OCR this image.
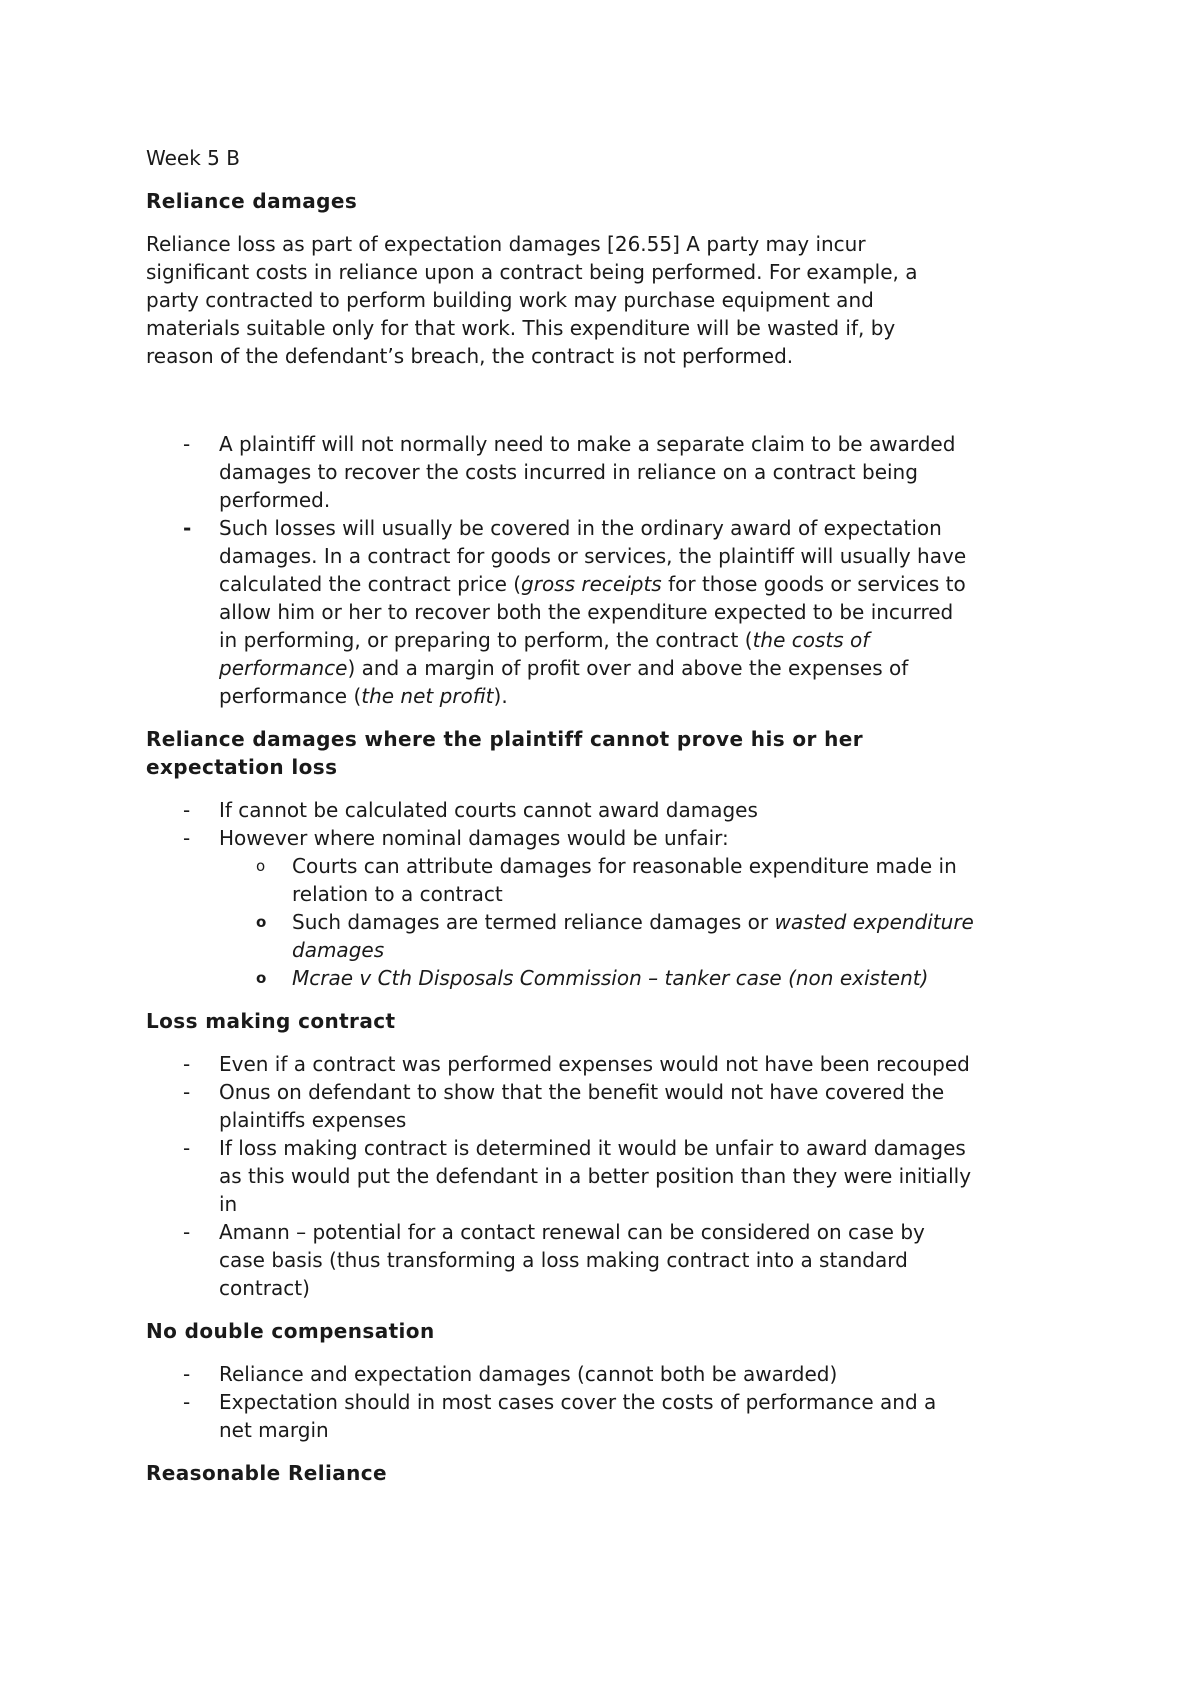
Week 5 B

Reliance damages

Reliance loss as part of expectation damages [26.55] A party may incur

significant costs in reliance upon a contract being performed. For example, a

party contracted to perform building work may purchase equipment and

materials suitable only for that work. This expenditure will be wasted if, by

reason of the defendant’s breach, the contract is not performed.

- A plaintiff will not normally need to make a separate claim to be awarded

damages to recover the costs incurred in reliance on a contract being

performed.

- Such losses will usually be covered in the ordinary award of expectation

damages. In a contract for goods or services, the plaintiff will usually have

calculated the contract price (gross receipts for those goods or services to

allow him or her to recover both the expenditure expected to be incurred

in performing, or preparing to perform, the contract (the costs of

performance) and a margin of profit over and above the expenses of

performance (the net profit).

Reliance damages where the plaintiff cannot prove his or her

expectation loss

- If cannot be calculated courts cannot award damages

- However where nominal damages would be unfair:

o Courts can attribute damages for reasonable expenditure made in

relation to a contract

o Such damages are termed reliance damages or wasted expenditure

damages

o Mcrae v Cth Disposals Commission – tanker case (non existent)

Loss making contract

- Even if a contract was performed expenses would not have been recouped

- Onus on defendant to show that the benefit would not have covered the

plaintiffs expenses

- If loss making contract is determined it would be unfair to award damages

as this would put the defendant in a better position than they were initially

in

- Amann – potential for a contact renewal can be considered on case by

case basis (thus transforming a loss making contract into a standard

contract)

No double compensation

- Reliance and expectation damages (cannot both be awarded)

- Expectation should in most cases cover the costs of performance and a

net margin

Reasonable Reliance
